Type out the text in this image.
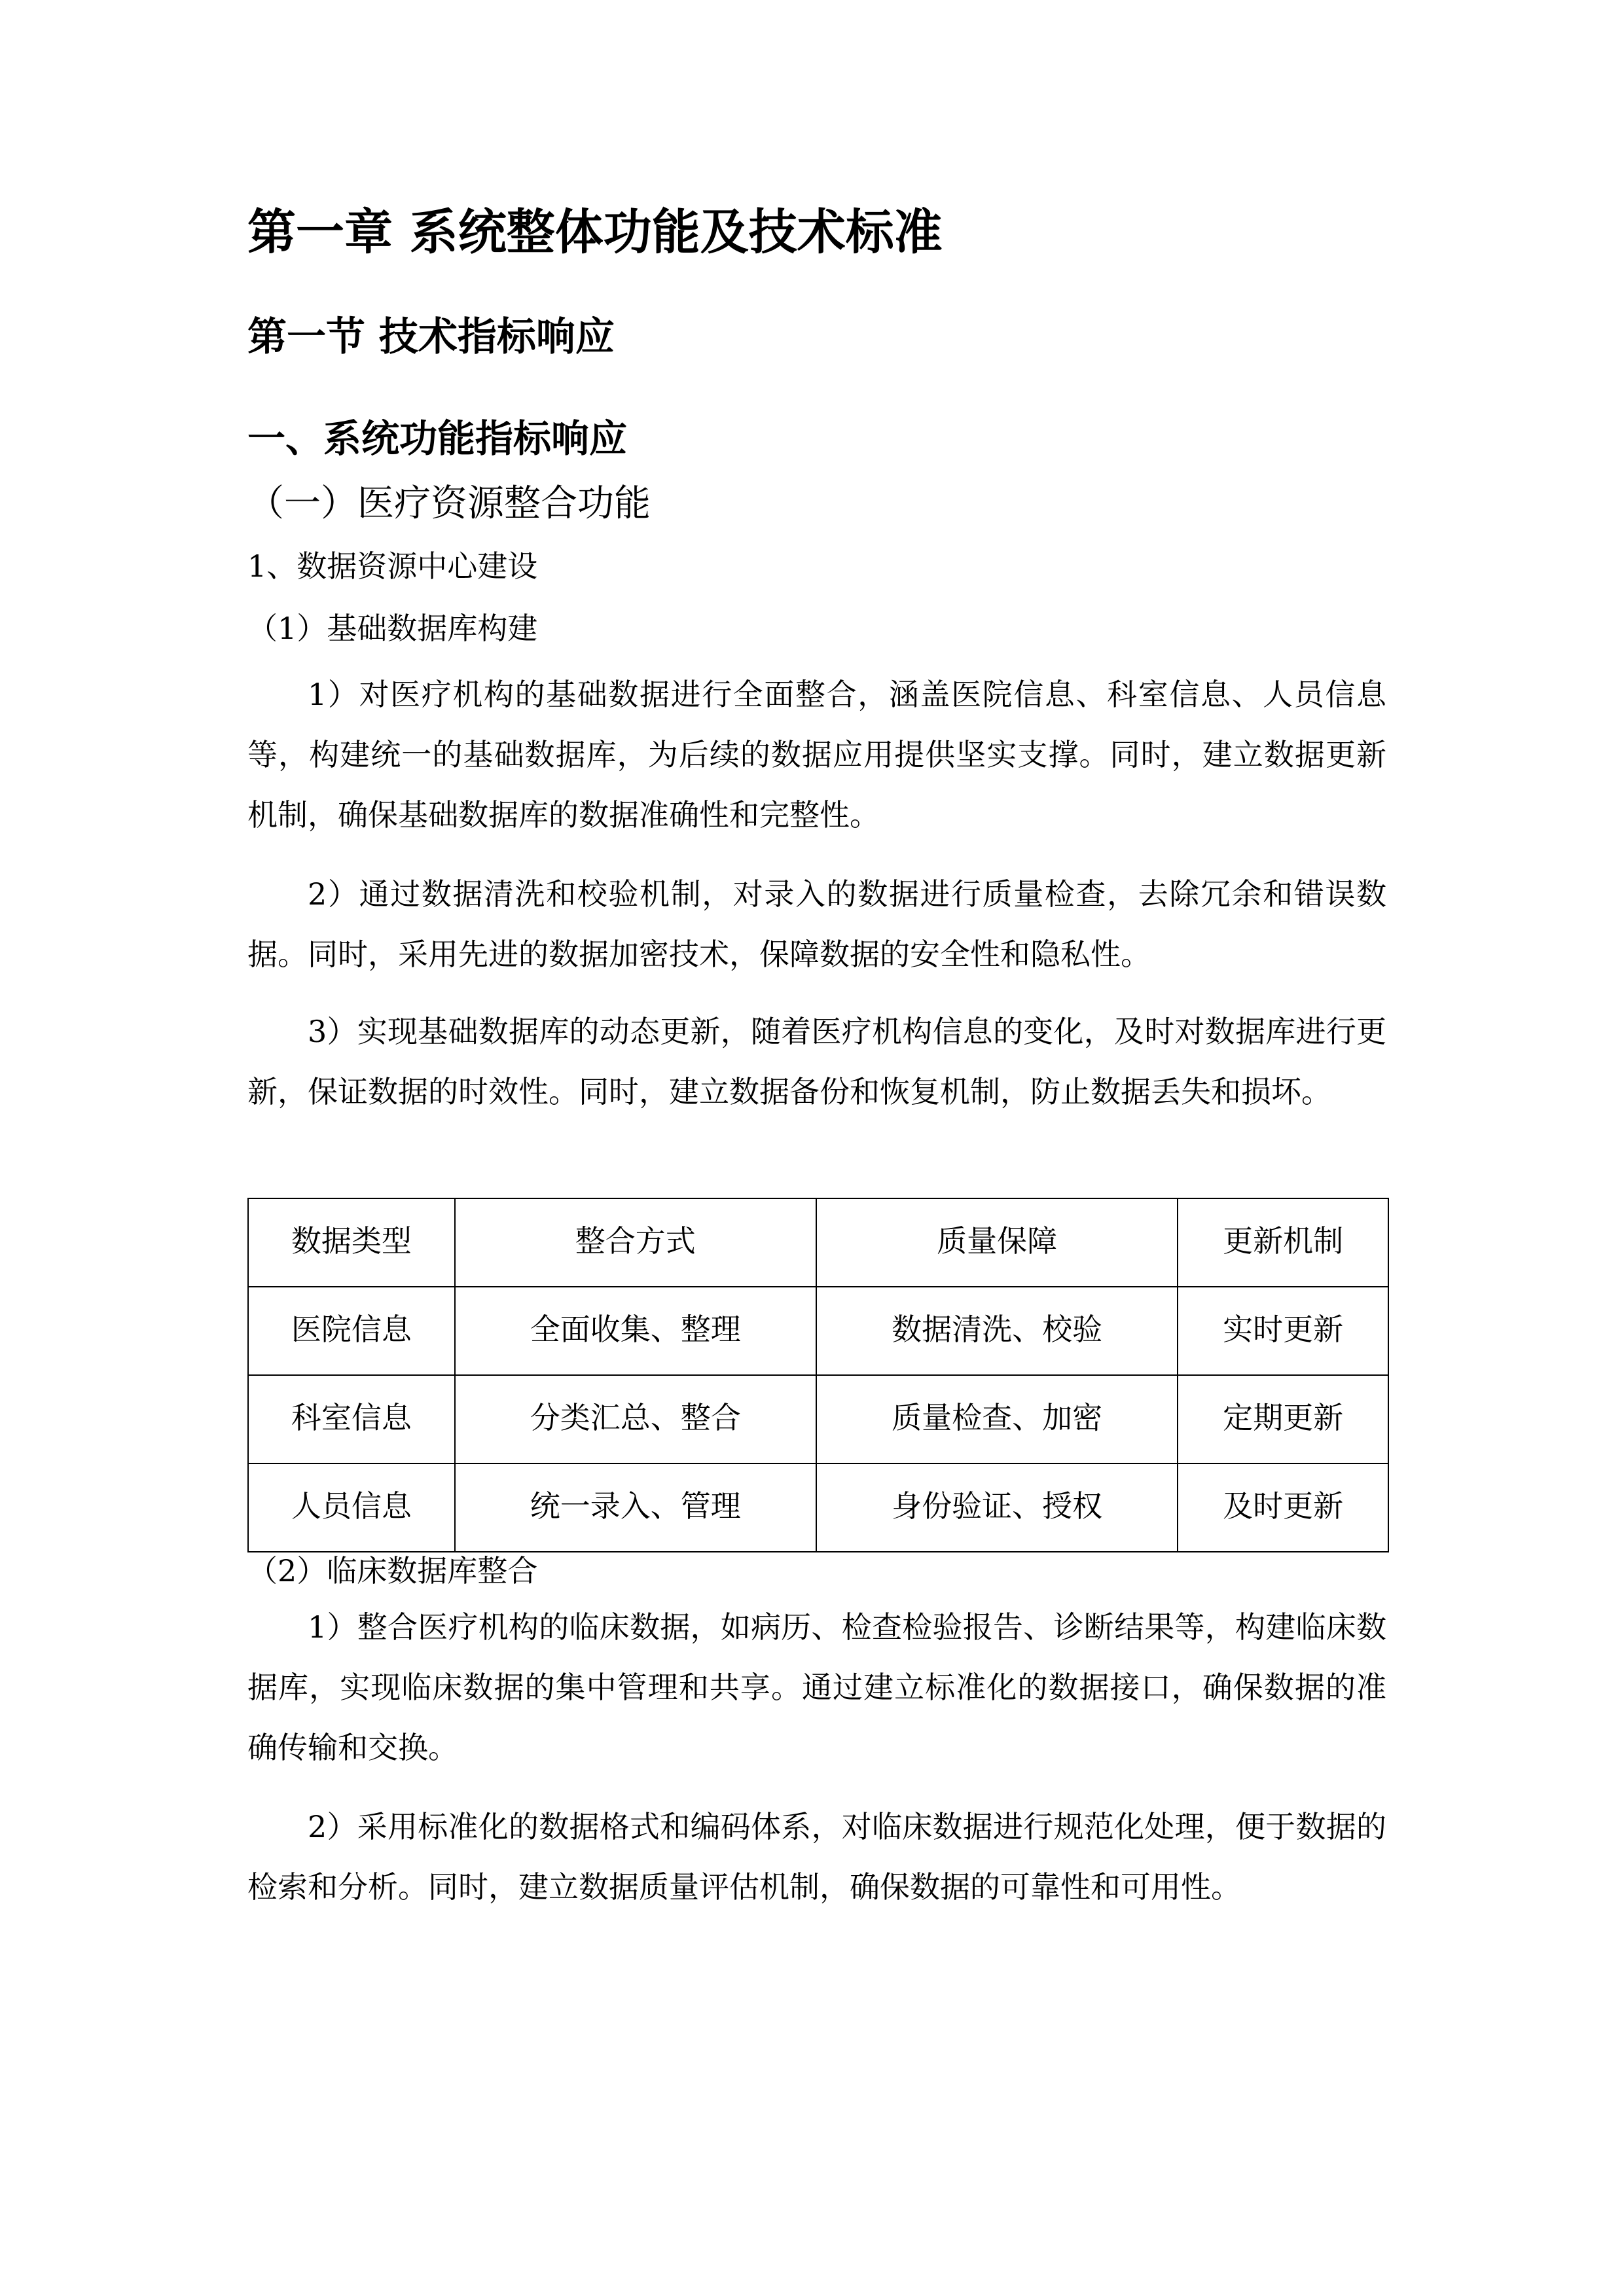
第一章 系统整体功能及技术标准
第一节 技术指标响应
一、系统功能指标响应
（一）医疗资源整合功能
1、数据资源中心建设
（1）基础数据库构建

1）对医疗机构的基础数据进行全面整合，涵盖医院信息、科室信息、人员信息等，构建统一的基础数据库，为后续的数据应用提供坚实支撑。同时，建立数据更新机制，确保基础数据库的数据准确性和完整性。

2）通过数据清洗和校验机制，对录入的数据进行质量检查，去除冗余和错误数据。同时，采用先进的数据加密技术，保障数据的安全性和隐私性。

3）实现基础数据库的动态更新，随着医疗机构信息的变化，及时对数据库进行更新，保证数据的时效性。同时，建立数据备份和恢复机制，防止数据丢失和损坏。

数据类型	整合方式	质量保障	更新机制
医院信息	全面收集、整理	数据清洗、校验	实时更新
科室信息	分类汇总、整合	质量检查、加密	定期更新
人员信息	统一录入、管理	身份验证、授权	及时更新
（2）临床数据库整合

1）整合医疗机构的临床数据，如病历、检查检验报告、诊断结果等，构建临床数据库，实现临床数据的集中管理和共享。通过建立标准化的数据接口，确保数据的准确传输和交换。

2）采用标准化的数据格式和编码体系，对临床数据进行规范化处理，便于数据的检索和分析。同时，建立数据质量评估机制，确保数据的可靠性和可用性。
